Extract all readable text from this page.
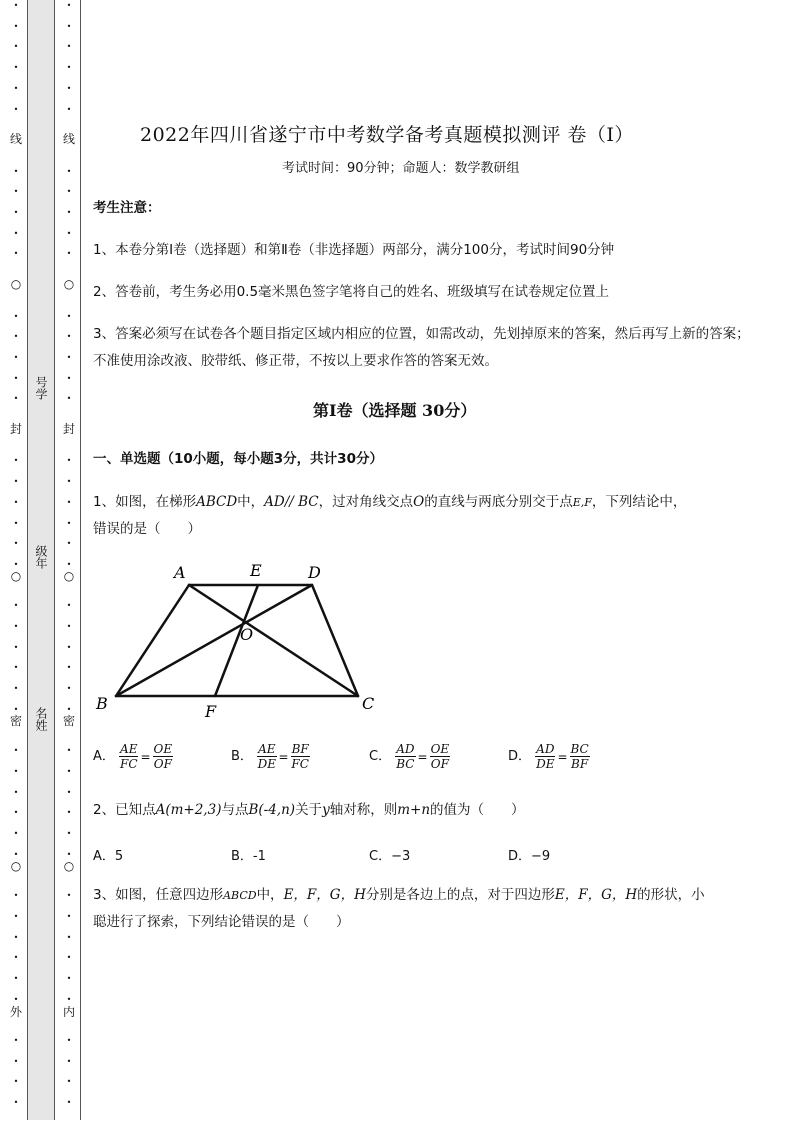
•
•
•
•
•
•
•
•
•
•
•
•
•
•
•
•
•
•
•
•
•
•
•
•
•
•
•
•
•
•
•
•
•
•
•
•
•
•
•
•
•
•
•
•
线
○
封
○
密
○
外
•
•
•
•
•
•
•
•
•
•
•
•
•
•
•
•
•
•
•
•
•
•
•
•
•
•
•
•
•
•
•
•
•
•
•
•
•
•
•
•
•
•
•
•
线
○
封
○
密
○
内
号学
级年
名姓
2022年四川省遂宁市中考数学备考真题模拟测评 卷（Ⅰ）
考试时间：90分钟；命题人：数学教研组
考生注意：
1、本卷分第Ⅰ卷（选择题）和第Ⅱ卷（非选择题）两部分，满分100分，考试时间90分钟
2、答卷前，考生务必用0.5毫米黑色签字笔将自己的姓名、班级填写在试卷规定位置上
3、答案必须写在试卷各个题目指定区域内相应的位置，如需改动，先划掉原来的答案，然后再写上新的答案；不准使用涂改液、胶带纸、修正带，不按以上要求作答的答案无效。
第Ⅰ卷（选择题 30分）
一、单选题（10小题，每小题3分，共计30分）
1、如图，在梯形ABCD中，AD// BC，过对角线交点O的直线与两底分别交于点E,F，下列结论中，
错误的是（　　）
A	E	D
O
B	F	C
A． $\frac{AE}{FC} = \frac{OE}{OF}$	B． $\frac{AE}{DE} = \frac{BF}{FC}$	C． $\frac{AD}{BC} = \frac{OE}{OF}$	D． $\frac{AD}{DE} = \frac{BC}{BF}$
2、已知点A(m+2,3)与点B(-4,n)关于y轴对称，则m+n的值为（　　）
A．5	B．-1	C．−3	D．−9
3、如图，任意四边形ABCD中，E，F，G，H分别是各边上的点，对于四边形E，F，G，H的形状，小
聪进行了探索，下列结论错误的是（　　）
